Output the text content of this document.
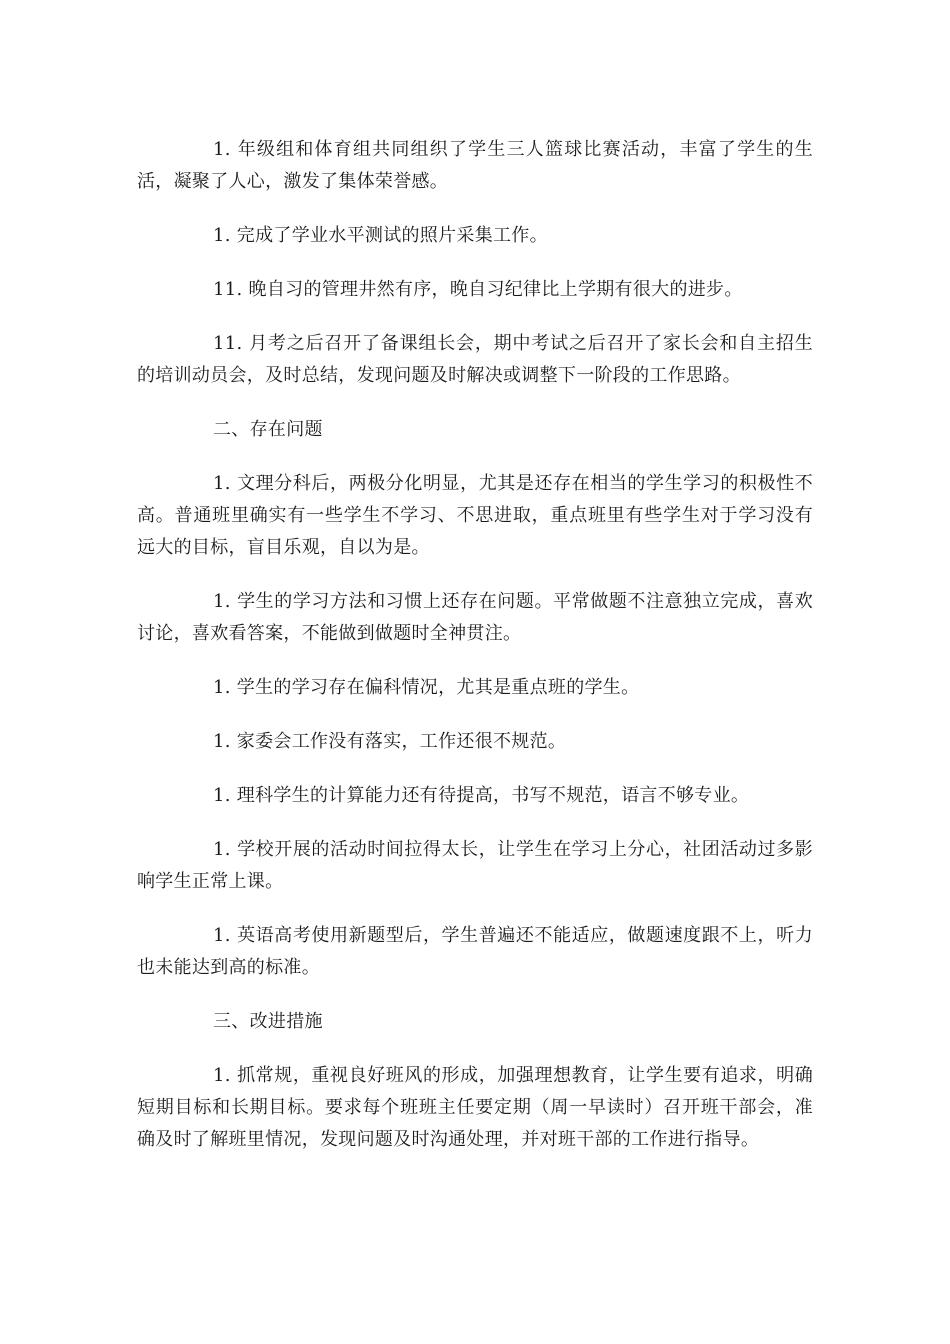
1. 年级组和体育组共同组织了学生三人篮球比赛活动，丰富了学生的生活，凝聚了人心，激发了集体荣誉感。

1. 完成了学业水平测试的照片采集工作。

11. 晚自习的管理井然有序，晚自习纪律比上学期有很大的进步。

11. 月考之后召开了备课组长会，期中考试之后召开了家长会和自主招生的培训动员会，及时总结，发现问题及时解决或调整下一阶段的工作思路。

二、存在问题

1. 文理分科后，两极分化明显，尤其是还存在相当的学生学习的积极性不高。普通班里确实有一些学生不学习、不思进取，重点班里有些学生对于学习没有远大的目标，盲目乐观，自以为是。

1. 学生的学习方法和习惯上还存在问题。平常做题不注意独立完成，喜欢讨论，喜欢看答案，不能做到做题时全神贯注。

1. 学生的学习存在偏科情况，尤其是重点班的学生。

1. 家委会工作没有落实，工作还很不规范。

1. 理科学生的计算能力还有待提高，书写不规范，语言不够专业。

1. 学校开展的活动时间拉得太长，让学生在学习上分心，社团活动过多影响学生正常上课。

1. 英语高考使用新题型后，学生普遍还不能适应，做题速度跟不上，听力也未能达到高的标准。

三、改进措施

1. 抓常规，重视良好班风的形成，加强理想教育，让学生要有追求，明确短期目标和长期目标。要求每个班班主任要定期（周一早读时）召开班干部会，准确及时了解班里情况，发现问题及时沟通处理，并对班干部的工作进行指导。
